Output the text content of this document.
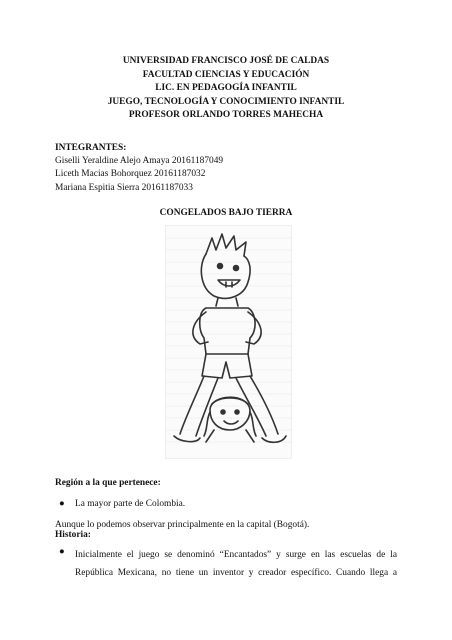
UNIVERSIDAD FRANCISCO JOSÉ DE CALDAS
FACULTAD CIENCIAS Y EDUCACIÓN
LIC. EN PEDAGOGÍA INFANTIL
JUEGO, TECNOLOGÍA Y CONOCIMIENTO INFANTIL
PROFESOR ORLANDO TORRES MAHECHA
INTEGRANTES:
Giselli Yeraldine Alejo Amaya 20161187049
Liceth Macias Bohorquez 20161187032
Mariana Espitia Sierra 20161187033
CONGELADOS BAJO TIERRA
Región a la que pertenece:
●	La mayor parte de Colombia.
Aunque lo podemos observar principalmente en la capital (Bogotá).
Historia:
●	Inicialmente el juego se denominó “Encantados” y surge en las escuelas de la
República Mexicana, no tiene un inventor y creador específico. Cuando llega a
